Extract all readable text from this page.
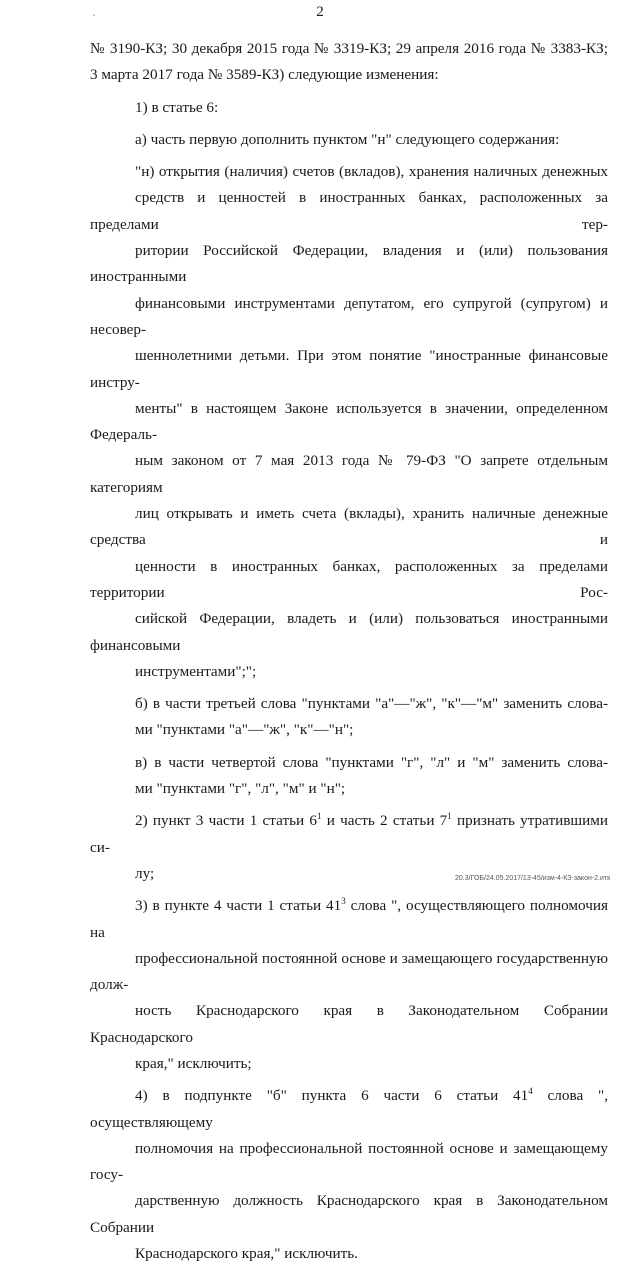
2

№ 3190-КЗ; 30 декабря 2015 года № 3319-КЗ; 29 апреля 2016 года № 3383-КЗ;
3 марта 2017 года № 3589-КЗ) следующие изменения:

1) в статье 6:

а) часть первую дополнить пунктом "н" следующего содержания:

"н) открытия (наличия) счетов (вкладов), хранения наличных денежных
средств и ценностей в иностранных банках, расположенных за пределами тер-
ритории Российской Федерации, владения и (или) пользования иностранными
финансовыми инструментами депутатом, его супругой (супругом) и несовер-
шеннолетними детьми. При этом понятие "иностранные финансовые инстру-
менты" в настоящем Законе используется в значении, определенном Федераль-
ным законом от 7 мая 2013 года № 79-ФЗ "О запрете отдельным категориям
лиц открывать и иметь счета (вклады), хранить наличные денежные средства и
ценности в иностранных банках, расположенных за пределами территории Рос-
сийской Федерации, владеть и (или) пользоваться иностранными финансовыми
инструментами";";

б) в части третьей слова "пунктами "а"—"ж", "к"—"м" заменить слова-
ми "пунктами "а"—"ж", "к"—"н";

в) в части четвертой слова "пунктами "г", "л" и "м" заменить слова-
ми "пунктами "г", "л", "м" и "н";

2) пункт 3 части 1 статьи $6^1$ и часть 2 статьи $7^1$ признать утратившими си-
лу;

3) в пункте 4 части 1 статьи $41^3$ слова ", осуществляющего полномочия на
профессиональной постоянной основе и замещающего государственную долж-
ность Краснодарского края в Законодательном Собрании Краснодарского
края," исключить;

4) в подпункте "б" пункта 6 части 6 статьи $41^4$ слова ", осуществляющему
полномочия на профессиональной постоянной основе и замещающему госу-
дарственную должность Краснодарского края в Законодательном Собрании
Краснодарского края," исключить.

20.3/ГОБ/24.05.2017/13-45/изм-4-КЗ-закон-2.итк
